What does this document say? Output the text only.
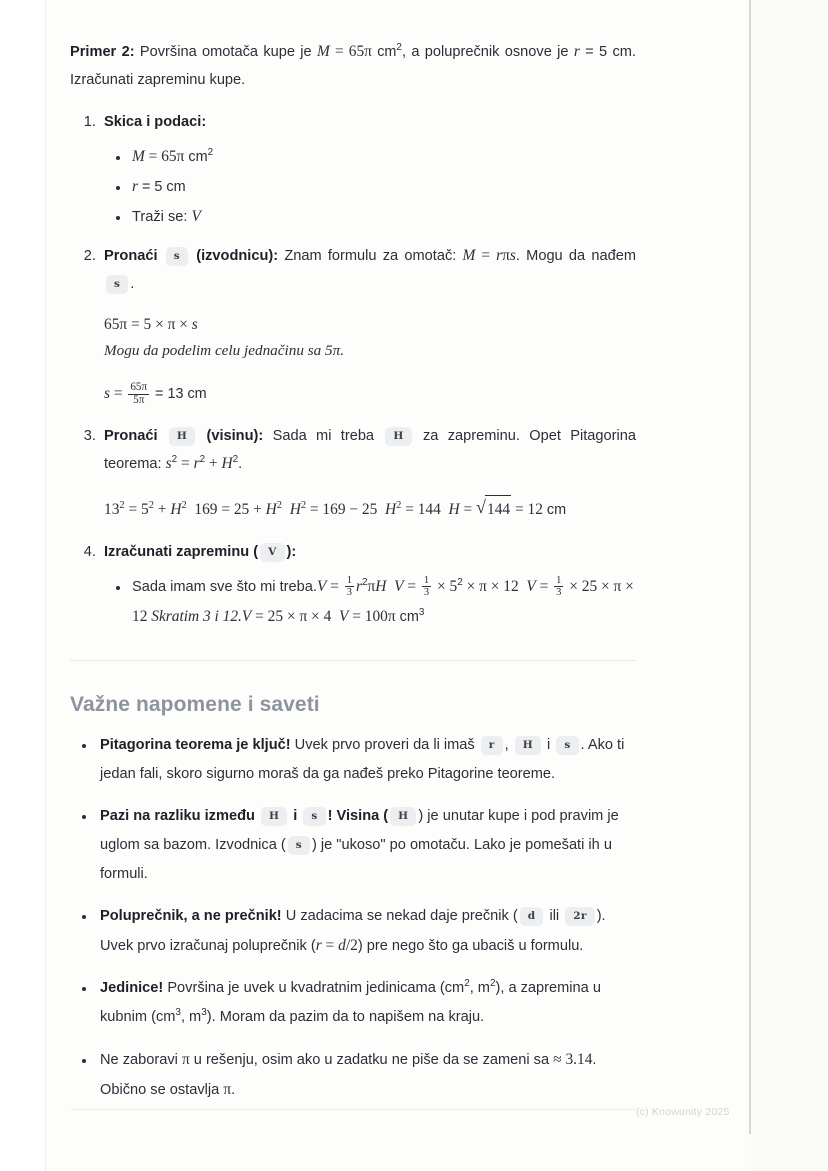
Primer 2: Površina omotača kupe je M = 65π $cm^2$, a poluprečnik osnove je r = 5 cm. Izračunati zapreminu kupe.

1. Skica i podaci:
• M = 65π $cm^2$
• r = 5 cm
• Traži se: V
2. Pronaći s (izvodnicu): Znam formulu za omotač: M = rπs. Mogu da nađem s .
65π = 5 × π × s
Mogu da podelim celu jednačinu sa 5π.
$s = \frac{65\pi}{5\pi} = 13$ cm
3. Pronaći H (visinu): Sada mi treba H za zapreminu. Opet Pitagorina teorema: $s^2 = r^2 + H^2$.
$13^2 = 5^2 + H^2$  $169 = 25 + H^2$ $H^2 = 169 - 25$  $H^2 = 144$  H = √ 144 = 12 cm
4. Izračunati zapreminu ( V ):
• Sada imam sve što mi treba.V = $\frac{1}{3} r^2\pi H$ $V = \frac{1}{3} \times 5^2 \times \pi \times 12$  $V = \frac{1}{3} \times 25 \times \pi \times 12$ Skratim 3 i 12.V = 25 × π × 4  V = 100π $cm^3$
Važne napomene i saveti
• Pitagorina teorema je ključ! Uvek prvo proveri da li imaš r , H i s . Ako ti jedan fali, skoro sigurno moraš da ga nađeš preko Pitagorine teoreme.
• Pazi na razliku između H i s ! Visina ( H ) je unutar kupe i pod pravim je uglom sa bazom. Izvodnica ( s ) je "ukoso" po omotaču. Lako je pomešati ih u formuli.
• Poluprečnik, a ne prečnik! U zadacima se nekad daje prečnik ( d ili 2r ). Uvek prvo izračunaj poluprečnik (r = d/2) pre nego što ga ubaciš u formulu.
• Jedinice! Površina je uvek u kvadratnim jedinicama ($cm^2$, $m^2$), a zapremina u kubnim ($cm^3$, $m^3$). Moram da pazim da to napišem na kraju.
• Ne zaboravi π u rešenju, osim ako u zadatku ne piše da se zameni sa ≈ 3.14. Obično se ostavlja π.
(c) Knowunity 2025
